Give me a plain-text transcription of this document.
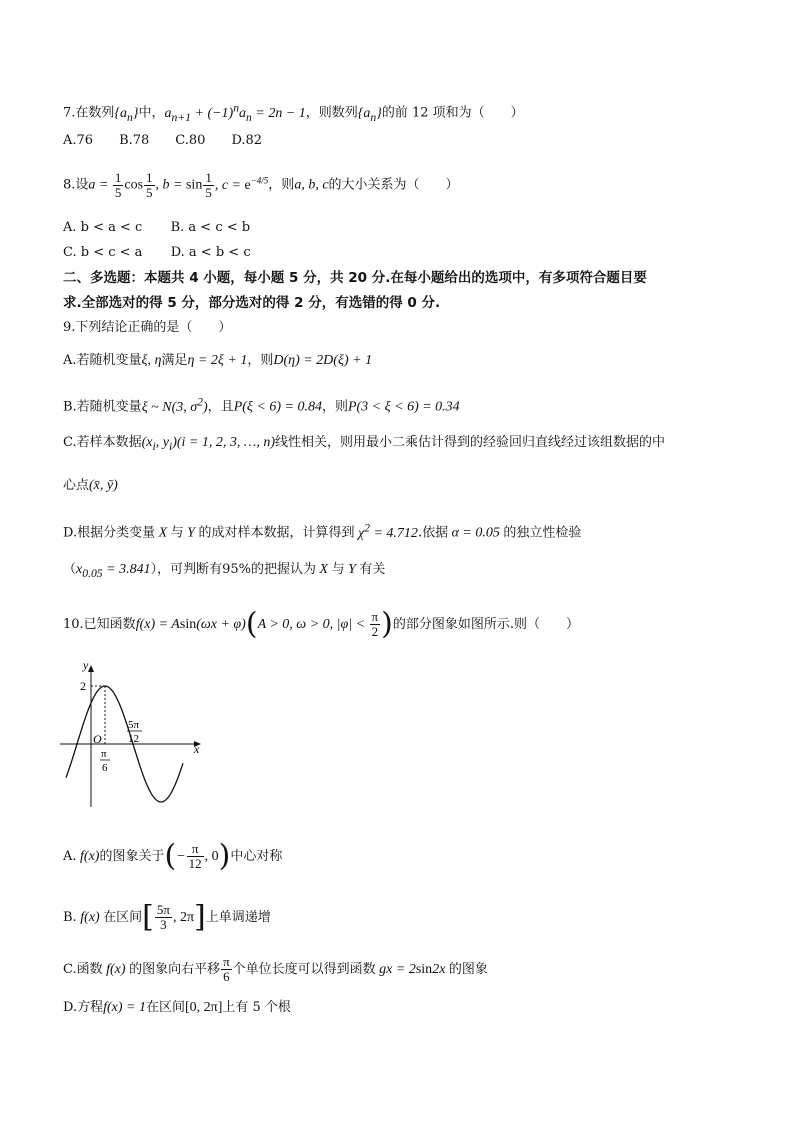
7.在数列$\{a_n\}$中，$a_{n+1} + (-1)^na_n = 2n - 1$，则数列$\{a_n\}$的前 12 项和为（　　）
A.76　　B.78　　C.80　　D.82
8.设$a = \frac{1}{5}$ $\cos \frac{1}{5}$ , $b = \sin \frac{1}{5}$ , $c = e^{-4/5}$，则a, b, c的大小关系为（　　）
A. b < a < c B. a < c < b
C. b < c < a D. a < b < c
二、多选题：本题共 4 小题，每小题 5 分，共 20 分.在每小题给出的选项中，有多项符合题目要
求.全部选对的得 5 分，部分选对的得 2 分，有选错的得 0 分.
9.下列结论正确的是（　　）
A.若随机变量ξ, η满足η = 2ξ + 1，则D(η) = 2D(ξ) + 1
B.若随机变量ξ ~ N(3, $\sigma^2$)，且P(ξ < 6) = 0.84，则P(3 < ξ < 6) = 0.34
C.若样本数据($x_i$, $y_i)(i = 1$, 2, 3, …, n)线性相关，则用最小二乘估计得到的经验回归直线经过该组数据的中
心点(x̄, ȳ)
D.根据分类变量 X 与 Y 的成对样本数据，计算得到 $\chi^2 = 4.712$.依据 α = 0.05 的独立性检验
$(x_{0.05} = 3.841)$，可判断有95%的把握认为 X 与 Y 有关
10.已知函数f(x) = Asin(ωx + φ)(A > 0, ω > 0, $|\varphi| < \frac{\pi}{2}$ )的部分图象如图所示.则（　　）
y
x
O
2
π
6
5π
12
A. f(x)的图象关于(− $\frac{\pi}{12}$ , 0)中心对称
B. f(x) 在区间[ $\frac{5\pi}{3}$ , 2π]上单调递增
C.函数 f(x) 的图象向右平移 $\frac{\pi}{6}$ 个单位长度可以得到函数 gx = 2sin2x 的图象
D.方程f(x) = 1在区间[0, 2π]上有 5 个根
